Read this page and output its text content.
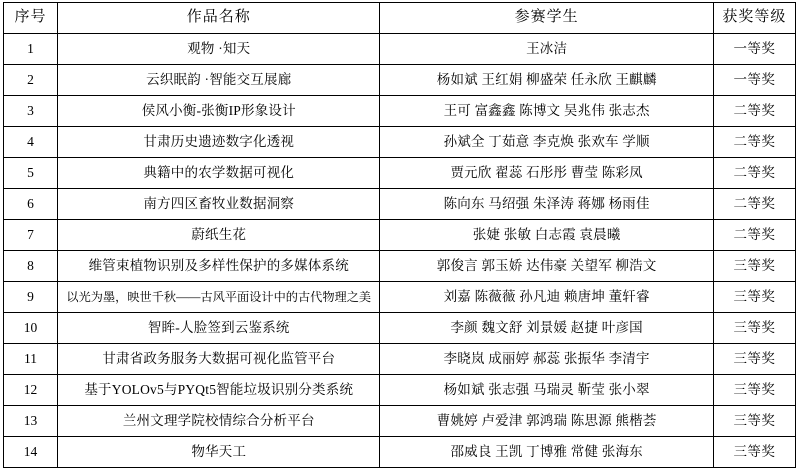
序号	作品名称	参赛学生	获奖等级
1	观物 ·知天	王冰洁	一等奖
2	云织眠韵 ·智能交互展廊	杨如斌 王红娟 柳盛荣 任永欣 王麒麟	一等奖
3	侯风小衡-张衡IP形象设计	王可 富鑫鑫 陈博文 吴兆伟 张志杰	二等奖
4	甘肃历史遗迹数字化透视	孙斌全 丁茹意 李克焕 张欢车 学顺	二等奖
5	典籍中的农学数据可视化	贾元欣 翟蕊 石彤彤 曹莹 陈彩凤	二等奖
6	南方四区畜牧业数据洞察	陈向东 马绍强 朱泽涛 蒋娜 杨雨佳	二等奖
7	蔚纸生花	张婕 张敏 白志霞 袁晨曦	二等奖
8	维管束植物识别及多样性保护的多媒体系统	郭俊言 郭玉娇 达伟豪 关望军 柳浩文	三等奖
9	以光为墨，映世千秋——古风平面设计中的古代物理之美	刘嘉 陈薇薇 孙凡迪 赖唐坤 董轩睿	三等奖
10	智眸-人脸签到云鉴系统	李颜 魏文舒 刘景媛 赵捷 叶彦国	三等奖
11	甘肃省政务服务大数据可视化监管平台	李晓岚 成丽婷 郝蕊 张振华 李清宇	三等奖
12	基于YOLOv5与PYQt5智能垃圾识别分类系统	杨如斌 张志强 马瑞灵 靳莹 张小翠	三等奖
13	兰州文理学院校情综合分析平台	曹姚婷 卢爱津 郭鸿瑞 陈思源 熊楷荟	三等奖
14	物华天工	邵威良 王凯 丁博雅 常健 张海东	三等奖
